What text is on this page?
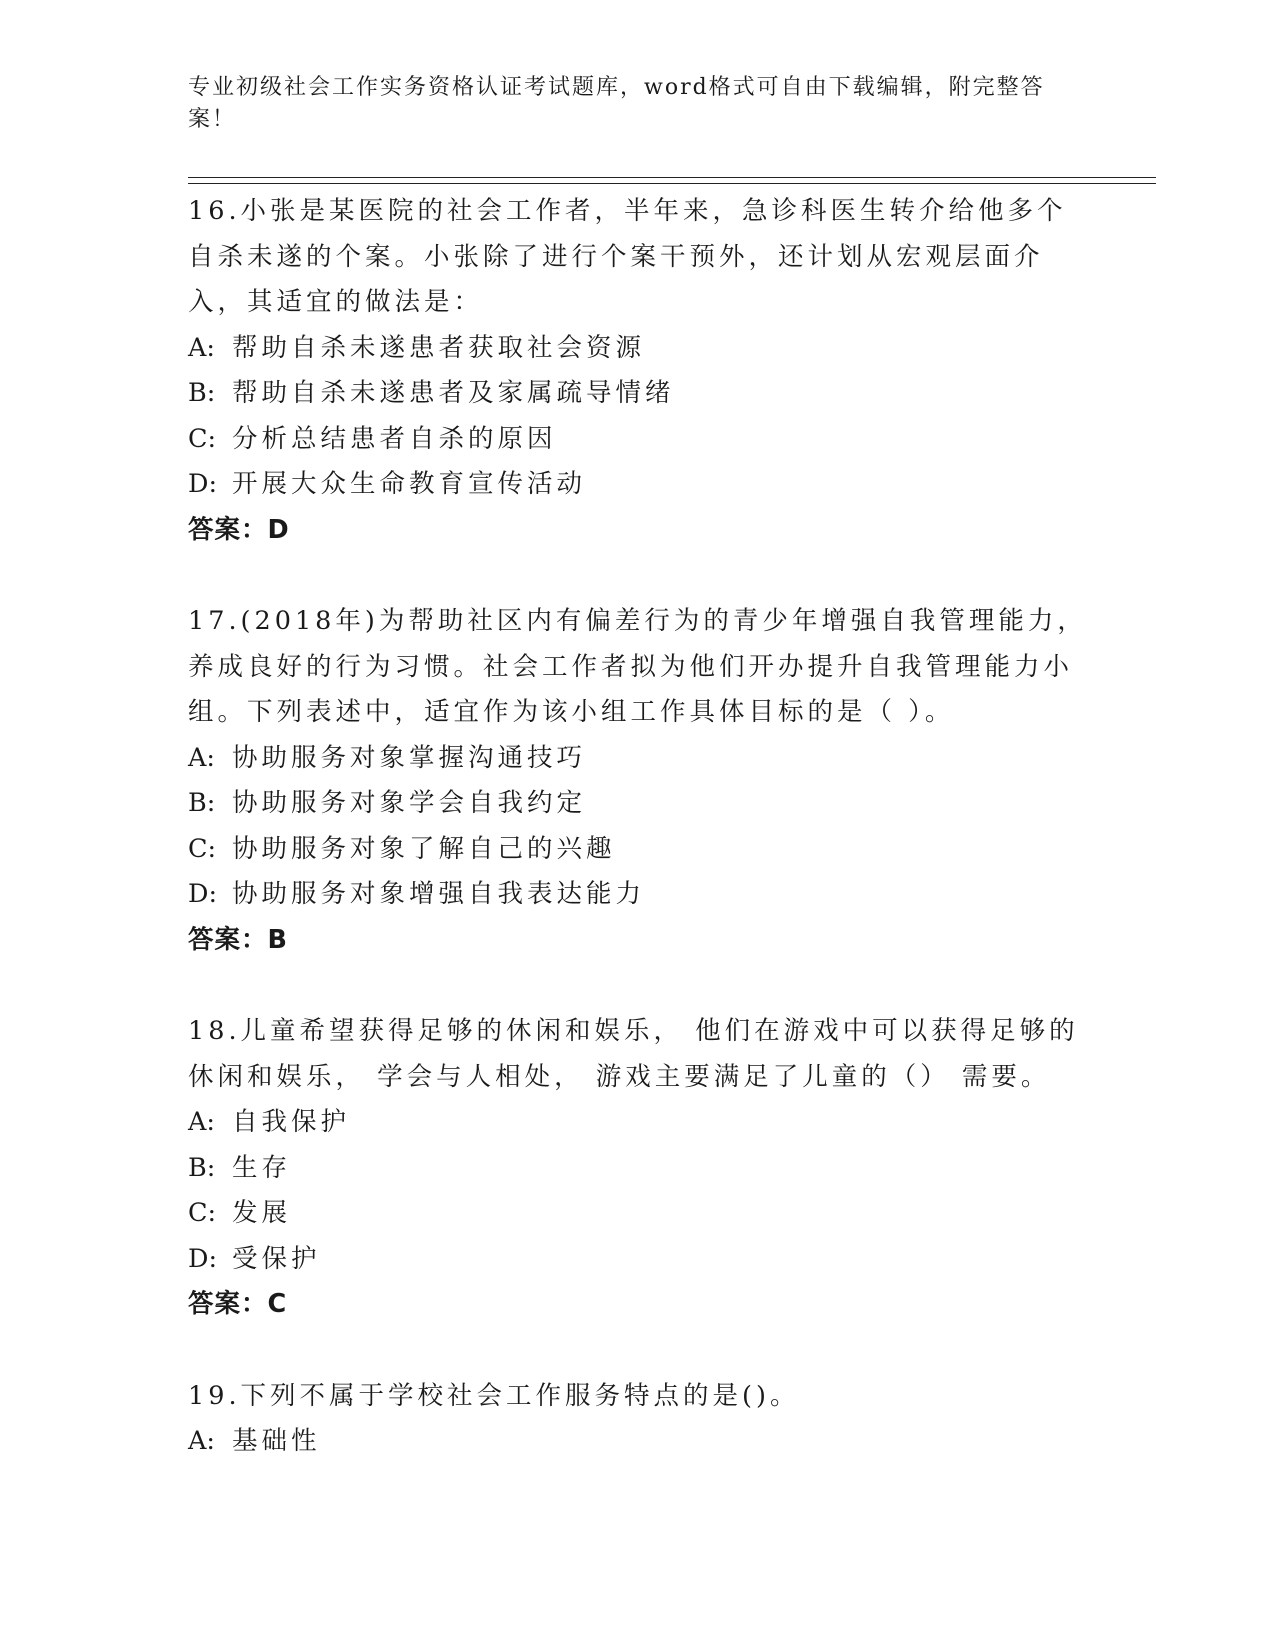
专业初级社会工作实务资格认证考试题库，word格式可自由下载编辑，附完整答案！
16.小张是某医院的社会工作者，半年来，急诊科医生转介给他多个自杀未遂的个案。小张除了进行个案干预外，还计划从宏观层面介入，其适宜的做法是：
A: 帮助自杀未遂患者获取社会资源
B: 帮助自杀未遂患者及家属疏导情绪
C: 分析总结患者自杀的原因
D: 开展大众生命教育宣传活动
答案：D
17.(2018年)为帮助社区内有偏差行为的青少年增强自我管理能力，养成良好的行为习惯。社会工作者拟为他们开办提升自我管理能力小组。下列表述中，适宜作为该小组工作具体目标的是（ ）。
A: 协助服务对象掌握沟通技巧
B: 协助服务对象学会自我约定
C: 协助服务对象了解自己的兴趣
D: 协助服务对象增强自我表达能力
答案：B
18.儿童希望获得足够的休闲和娱乐， 他们在游戏中可以获得足够的休闲和娱乐， 学会与人相处， 游戏主要满足了儿童的（） 需要。
A: 自我保护
B: 生存
C: 发展
D: 受保护
答案：C
19.下列不属于学校社会工作服务特点的是()。
A: 基础性
